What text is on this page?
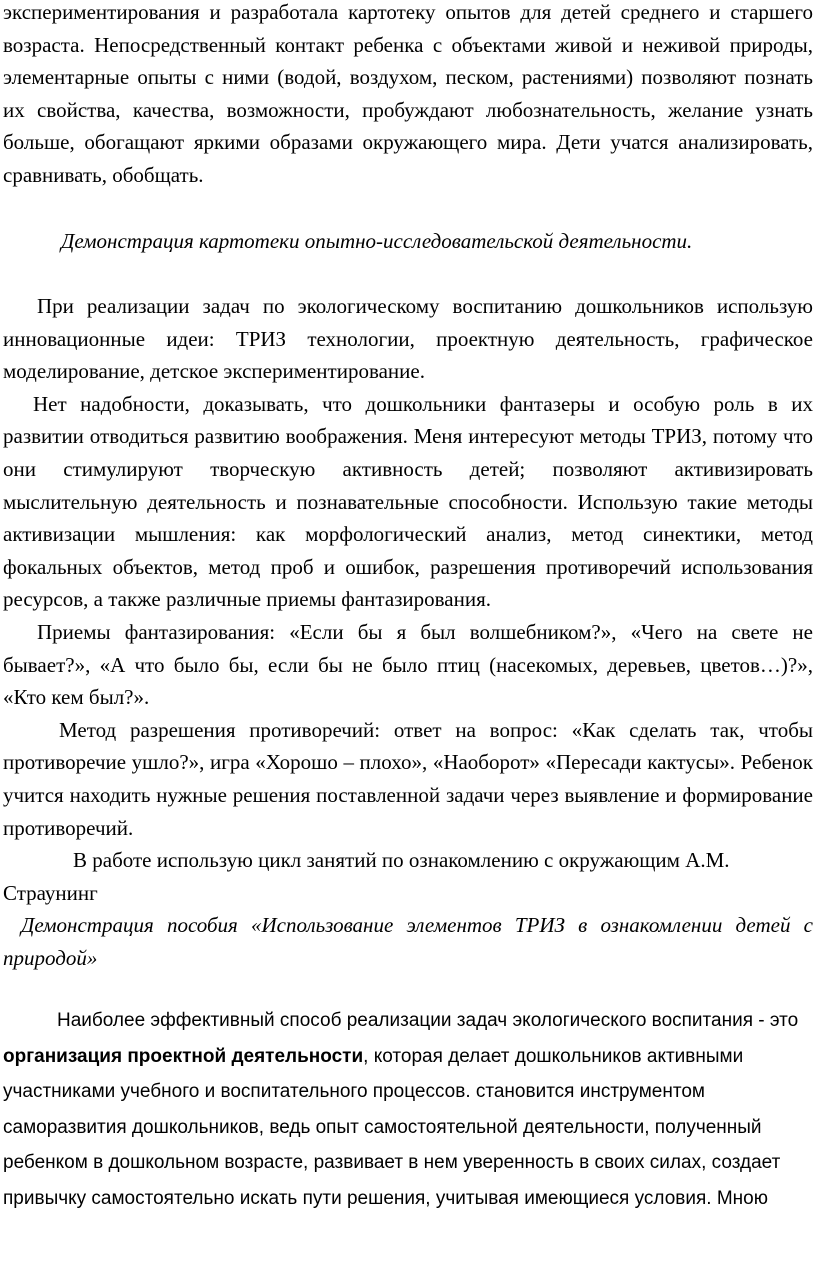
экспериментирования и разработала картотеку опытов для детей среднего и старшего возраста. Непосредственный контакт ребенка с объектами живой и неживой природы, элементарные опыты с ними (водой, воздухом, песком, растениями) позволяют познать их свойства, качества, возможности, пробуждают любознательность, желание узнать больше, обогащают яркими образами окружающего мира. Дети учатся анализировать, сравнивать, обобщать.

Демонстрация картотеки опытно-исследовательской деятельности.

При реализации задач по экологическому воспитанию дошкольников использую инновационные идеи: ТРИЗ технологии, проектную деятельность, графическое моделирование, детское экспериментирование.

Нет надобности, доказывать, что дошкольники фантазеры и особую роль в их развитии отводиться развитию воображения. Меня интересуют методы ТРИЗ, потому что они стимулируют творческую активность детей; позволяют активизировать мыслительную деятельность и познавательные способности. Использую такие методы активизации мышления: как морфологический анализ, метод синектики, метод фокальных объектов, метод проб и ошибок, разрешения противоречий использования ресурсов, а также различные приемы фантазирования.

Приемы фантазирования: «Если бы я был волшебником?», «Чего на свете не бывает?», «А что было бы, если бы не было птиц (насекомых, деревьев, цветов…)?», «Кто кем был?».

Метод разрешения противоречий: ответ на вопрос: «Как сделать так, чтобы противоречие ушло?», игра «Хорошо – плохо», «Наоборот» «Пересади кактусы». Ребенок учится находить нужные решения поставленной задачи через выявление и формирование противоречий.

В работе использую цикл занятий по ознакомлению с окружающим А.М. Страунинг

Демонстрация пособия «Использование элементов ТРИЗ в ознакомлении детей с природой»

Наиболее эффективный способ реализации задач экологического воспитания - это организация проектной деятельности, которая делает дошкольников активными участниками учебного и воспитательного процессов. становится инструментом саморазвития дошкольников, ведь опыт самостоятельной деятельности, полученный ребенком в дошкольном возрасте, развивает в нем уверенность в своих силах, создает привычку самостоятельно искать пути решения, учитывая имеющиеся условия. Мною
